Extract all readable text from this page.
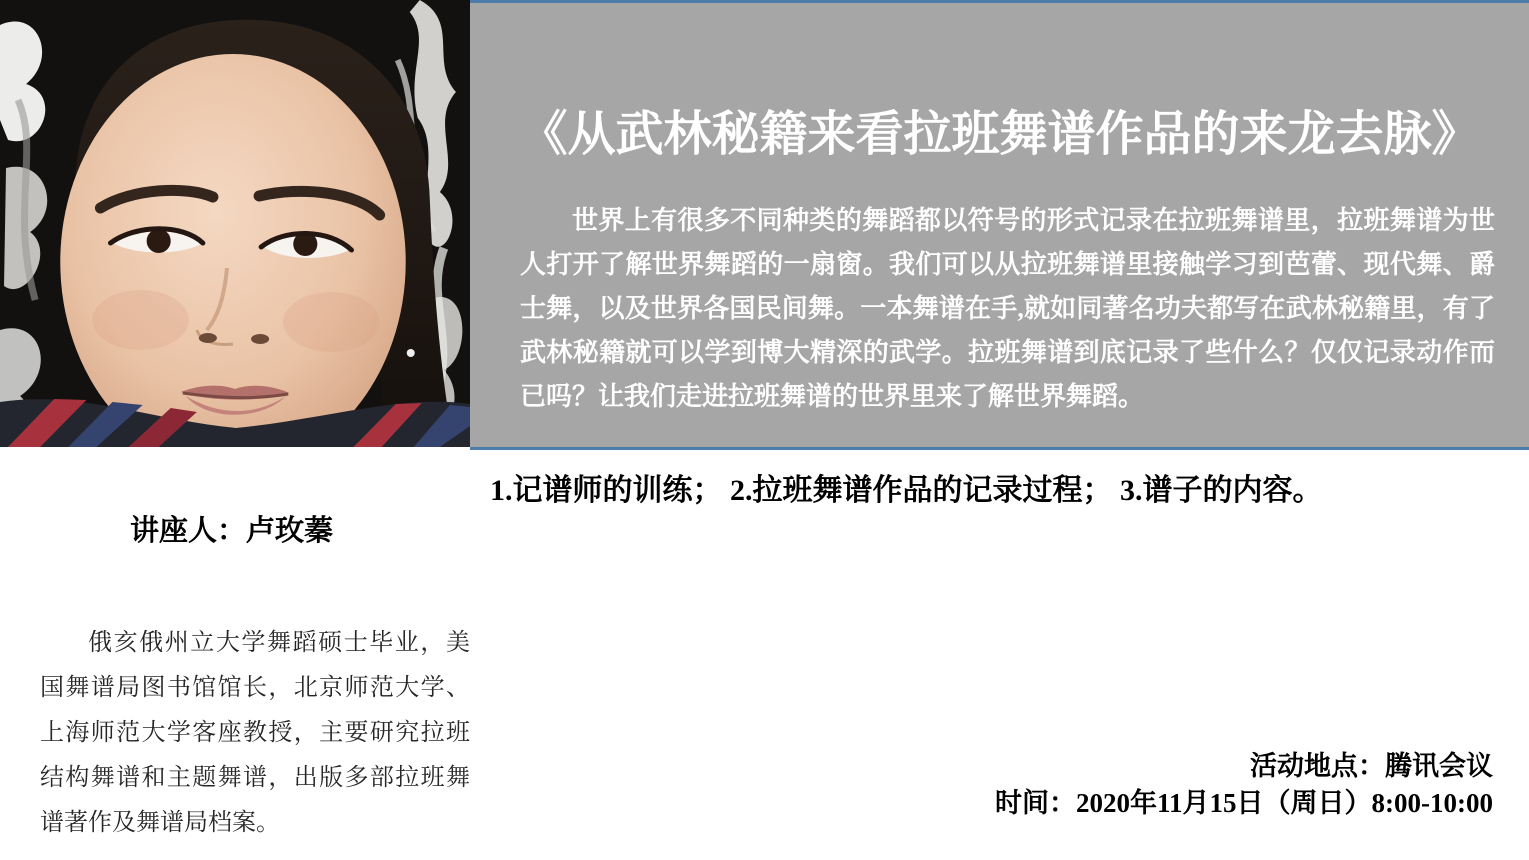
《从武林秘籍来看拉班舞谱作品的来龙去脉》

世界上有很多不同种类的舞蹈都以符号的形式记录在拉班舞谱里，拉班舞谱为世人打开了解世界舞蹈的一扇窗。我们可以从拉班舞谱里接触学习到芭蕾、现代舞、爵士舞，以及世界各国民间舞。一本舞谱在手,就如同著名功夫都写在武林秘籍里，有了武林秘籍就可以学到博大精深的武学。拉班舞谱到底记录了些什么？仅仅记录动作而已吗？让我们走进拉班舞谱的世界里来了解世界舞蹈。

1.记谱师的训练； 2.拉班舞谱作品的记录过程； 3.谱子的内容。
讲座人：卢玫蓁

俄亥俄州立大学舞蹈硕士毕业，美国舞谱局图书馆馆长，北京师范大学、上海师范大学客座教授，主要研究拉班结构舞谱和主题舞谱，出版多部拉班舞谱著作及舞谱局档案。

活动地点：腾讯会议
时间：2020年11月15日（周日）8:00-10:00
